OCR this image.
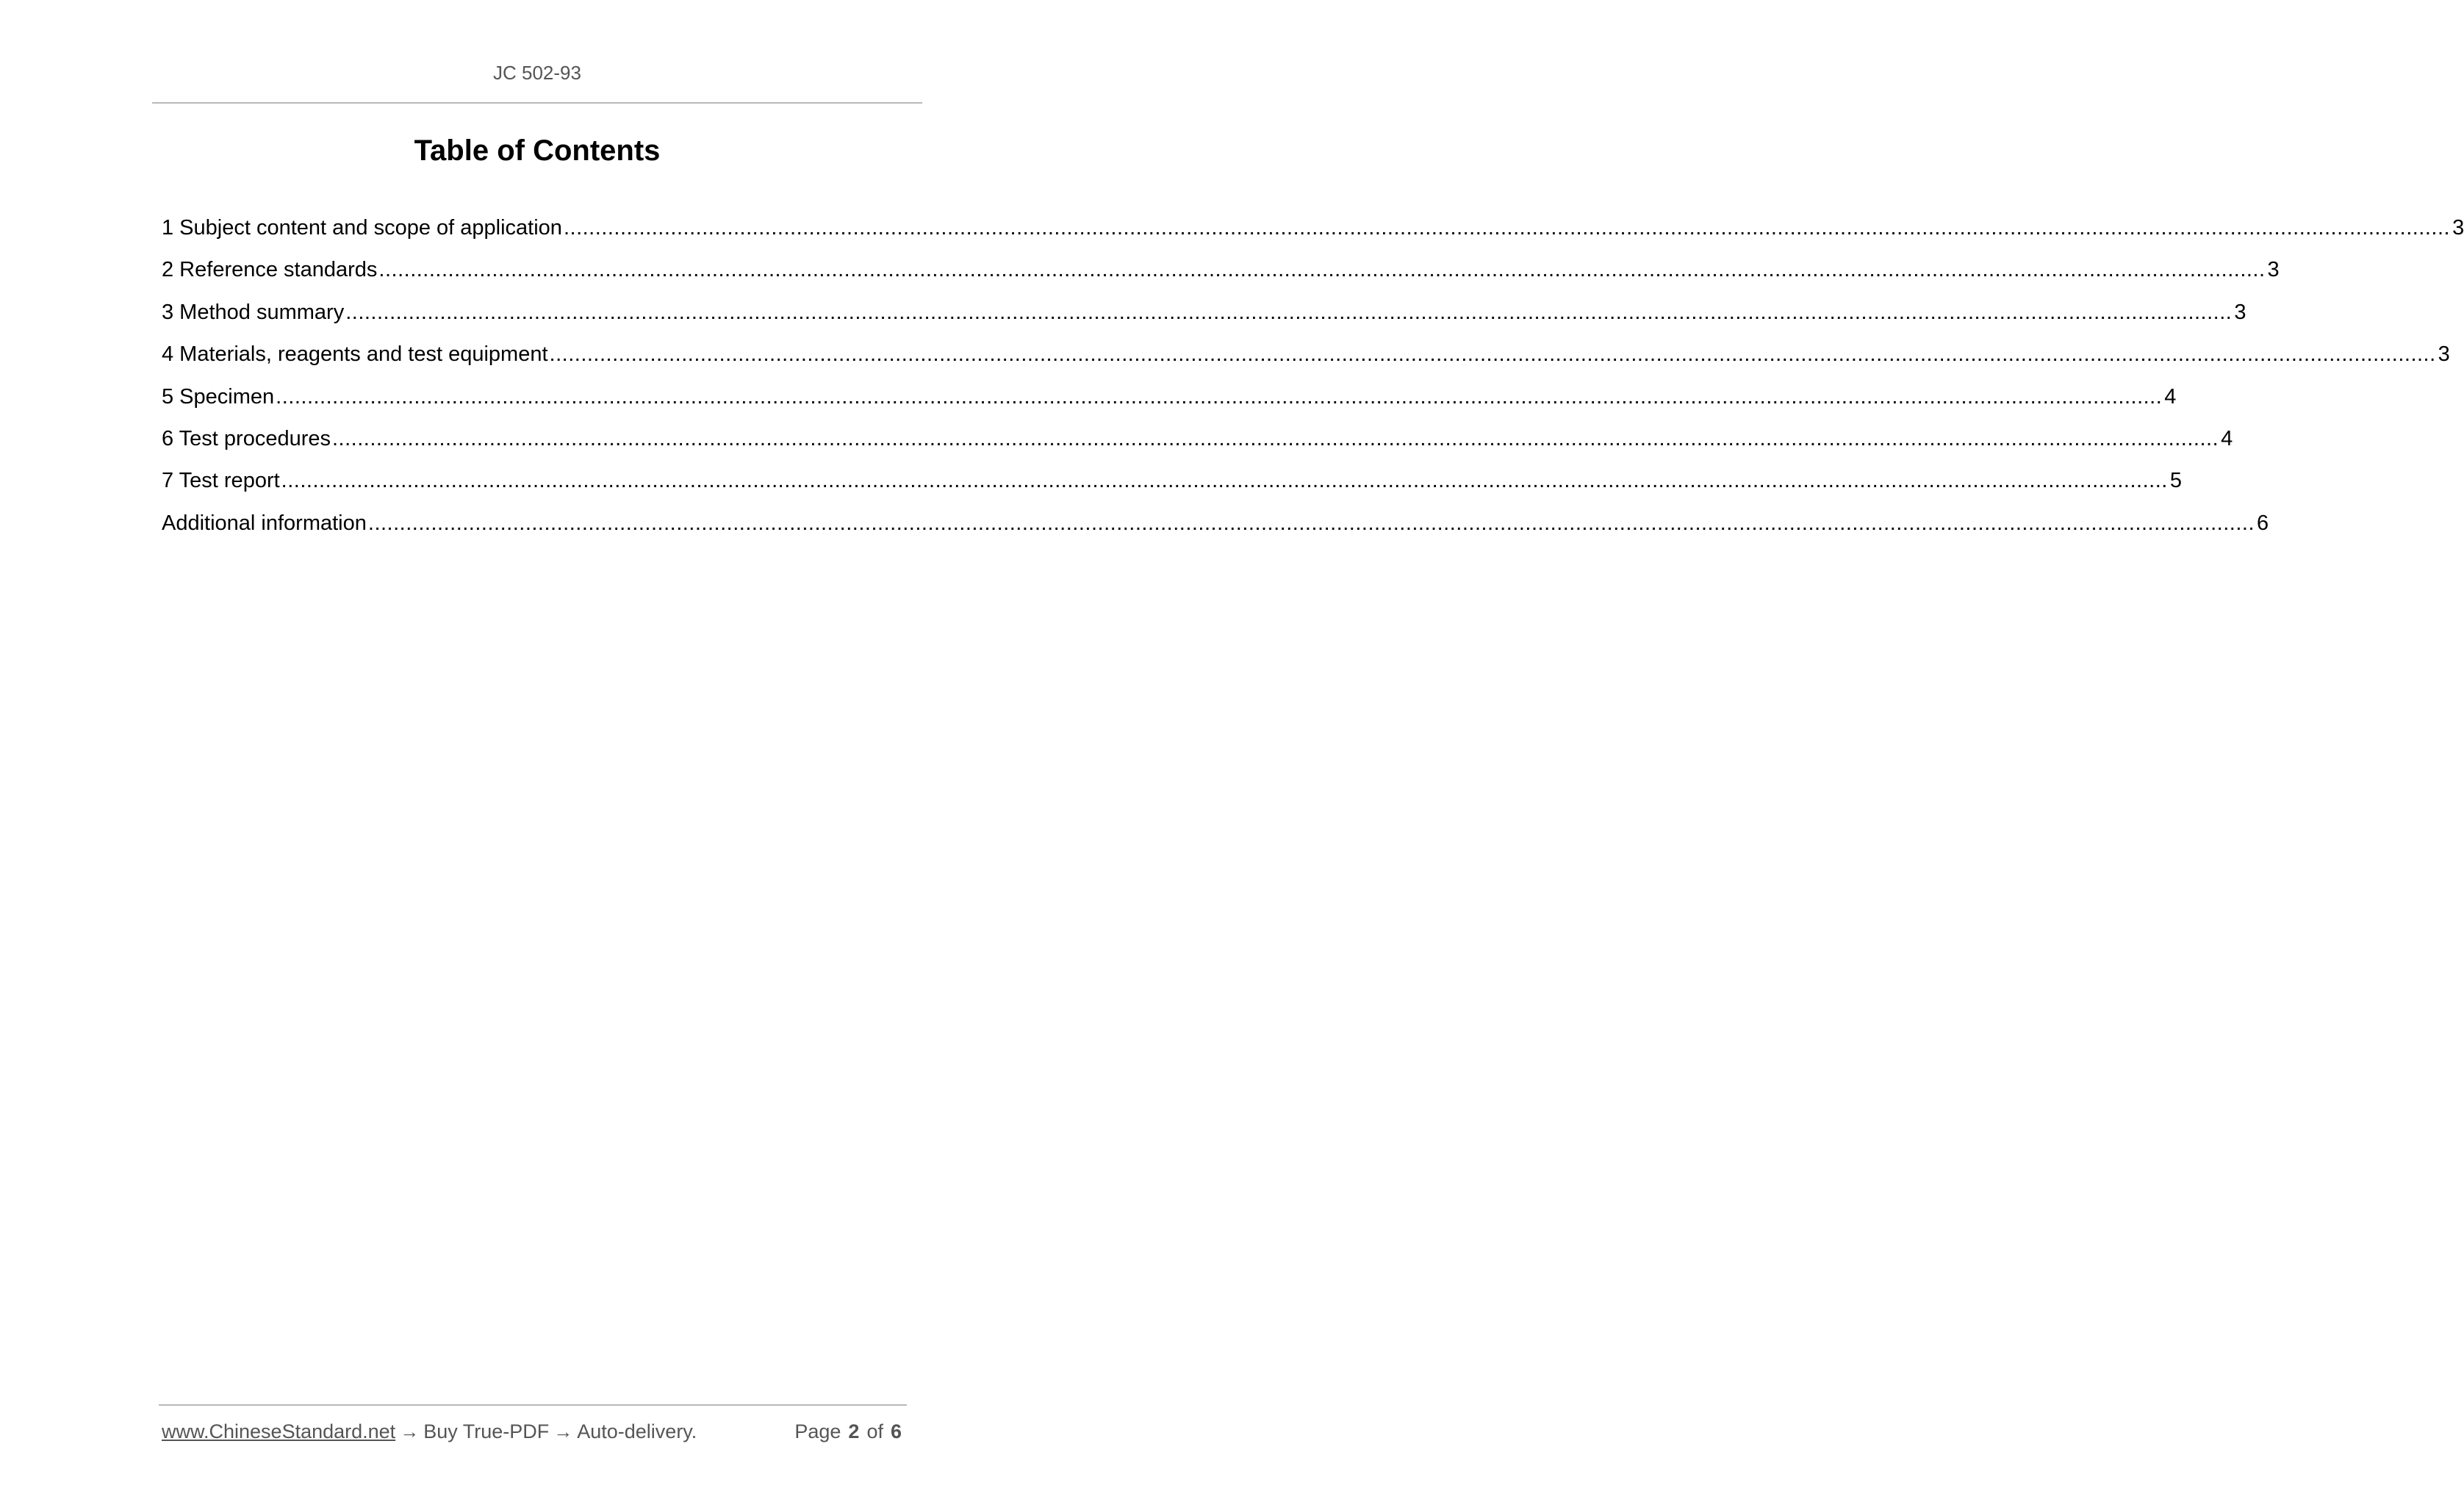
JC 502-93
Table of Contents
1 Subject content and scope of application ............................................................................................................................................................................................................................................................................................................ 3
2 Reference standards ............................................................................................................................................................................................................................................................................................................ 3
3 Method summary ............................................................................................................................................................................................................................................................................................................ 3
4 Materials, reagents and test equipment ............................................................................................................................................................................................................................................................................................................ 3
5 Specimen ............................................................................................................................................................................................................................................................................................................ 4
6 Test procedures ............................................................................................................................................................................................................................................................................................................ 4
7 Test report ............................................................................................................................................................................................................................................................................................................ 5
Additional information ............................................................................................................................................................................................................................................................................................................ 6
www.ChineseStandard.net → Buy True-PDF → Auto-delivery.	Page 2 of 6
